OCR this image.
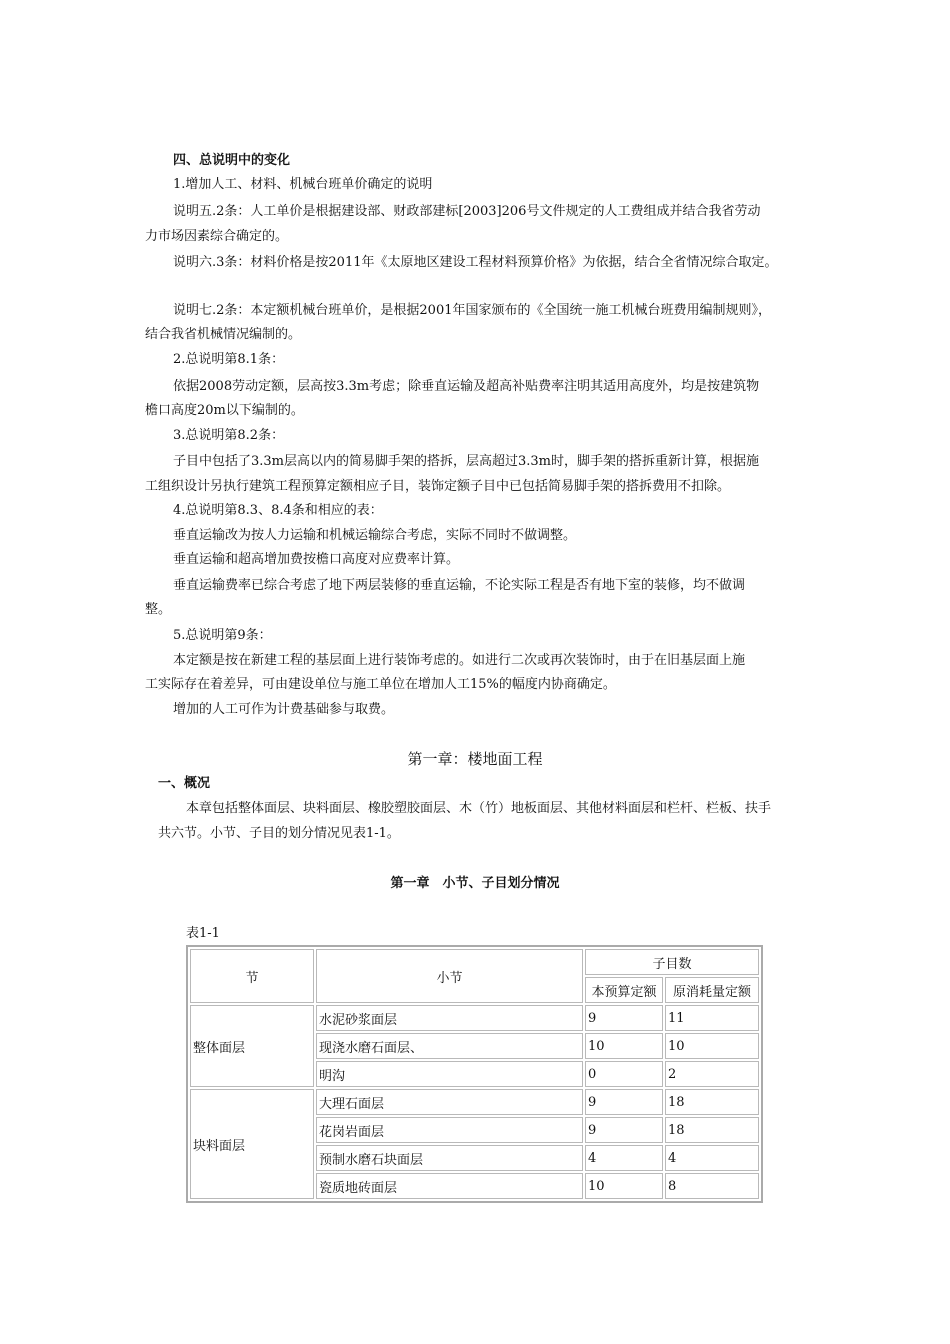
四、总说明中的变化
1.增加人工、材料、机械台班单价确定的说明
说明五.2条：人工单价是根据建设部、财政部建标[2003]206号文件规定的人工费组成并结合我省劳动
力市场因素综合确定的。
说明六.3条：材料价格是按2011年《太原地区建设工程材料预算价格》为依据，结合全省情况综合取定。
说明七.2条：本定额机械台班单价，是根据2001年国家颁布的《全国统一施工机械台班费用编制规则》，
结合我省机械情况编制的。
2.总说明第8.1条：
依据2008劳动定额，层高按3.3m考虑；除垂直运输及超高补贴费率注明其适用高度外，均是按建筑物
檐口高度20m以下编制的。
3.总说明第8.2条：
子目中包括了3.3m层高以内的简易脚手架的搭拆，层高超过3.3m时，脚手架的搭拆重新计算，根据施
工组织设计另执行建筑工程预算定额相应子目，装饰定额子目中已包括简易脚手架的搭拆费用不扣除。
4.总说明第8.3、8.4条和相应的表：
垂直运输改为按人力运输和机械运输综合考虑，实际不同时不做调整。
垂直运输和超高增加费按檐口高度对应费率计算。
垂直运输费率已综合考虑了地下两层装修的垂直运输，不论实际工程是否有地下室的装修，均不做调
整。
5.总说明第9条：
本定额是按在新建工程的基层面上进行装饰考虑的。如进行二次或再次装饰时，由于在旧基层面上施
工实际存在着差异，可由建设单位与施工单位在增加人工15%的幅度内协商确定。
增加的人工可作为计费基础参与取费。
第一章：楼地面工程
一、概况
本章包括整体面层、块料面层、橡胶塑胶面层、木（竹）地板面层、其他材料面层和栏杆、栏板、扶手
共六节。小节、子目的划分情况见表1-1。
第一章　小节、子目划分情况
表1-1
节	小节	子目数	
		本预算定额	原消耗量定额
整体面层	水泥砂浆面层	9	11
	现浇水磨石面层、	10	10
	明沟	0	2
块料面层	大理石面层	9	18
	花岗岩面层	9	18
	预制水磨石块面层	4	4
	瓷质地砖面层	10	8
